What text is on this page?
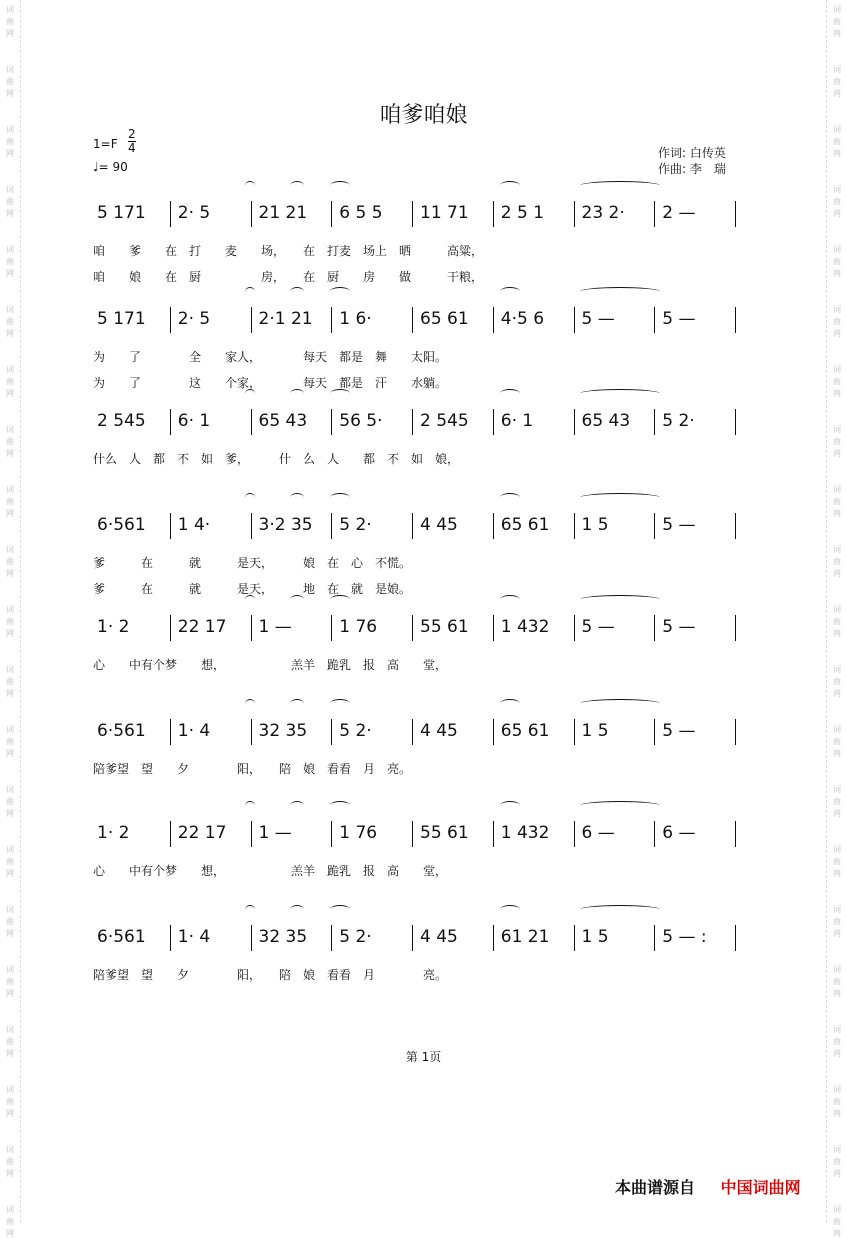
词
曲
网
词
曲
网
词
曲
网
词
曲
网
词
曲
网
词
曲
网
词
曲
网
词
曲
网
词
曲
网
词
曲
网
词
曲
网
词
曲
网
词
曲
网
词
曲
网
词
曲
网
词
曲
网
词
曲
网
词
曲
网
词
曲
网
词
曲
网
词
曲
网
词
曲
网
词
曲
网
词
曲
网
词
曲
网
词
曲
网
词
曲
网
词
曲
网
词
曲
网
词
曲
网
词
曲
网
词
曲
网
词
曲
网
词
曲
网
词
曲
网
词
曲
网
词
曲
网
词
曲
网
词
曲
网
词
曲
网
词
曲
网
词
曲
网
咱爹咱娘
$1=F \frac{2}{4}$
♩= 90
作词: 白传英
作曲: 李　瑞
5 171 2· 5	21 21 6 5 5 11 71 2 5 1 23 2· 2 —
咱　　爹　　在　打　　麦　　场，　　在　打麦　场上　晒　　　高粱，
咱　　娘　　在　厨　　　　　房，　　在　厨　　房　　做　　　干粮，
5 171 2· 5	2·1 21 1 6·	65 61 4·5 6 5 —	5 —
为　　了　　　　全　　家人，　　　　每天　都是　舞　　太阳。
为　　了　　　　这　　个家，　　　　每天　都是　汗　　水躺。
2 545 6· 1	65 43 56 5· 2 545 6· 1	65 43 5 2·
什么　人　都　不　如　爹，　　　什　么　人　　都　不　如　娘，
6·561 1 4·	3·2 35 5 2·	4 45	65 61 1 5	5 —
爹　　　在　　　就　　　是天，　　　娘　在　心　不慌。
爹　　　在　　　就　　　是天，　　　地　在　就　是娘。
1· 2	22 17 1 —	1 76	55 61 1 432 5 —	5 —
心　　中有个梦　　想，　　　　　　羔羊　跪乳　报　高　　堂，
6·561 1· 4	32 35 5 2·	4 45	65 61 1 5	5 —
陪爹望　望　　夕　　　　阳，　　陪　娘　看看　月　亮。
1· 2	22 17 1 —	1 76	55 61 1 432 6 —	6 —
心　　中有个梦　　想，　　　　　　羔羊　跪乳　报　高　　堂，
6·561 1· 4	32 35 5 2·	4 45	61 21 1 5	5 — :
陪爹望　望　　夕　　　　阳，　　陪　娘　看看　月　　　　亮。
第 1页
本曲谱源自 中国词曲网
